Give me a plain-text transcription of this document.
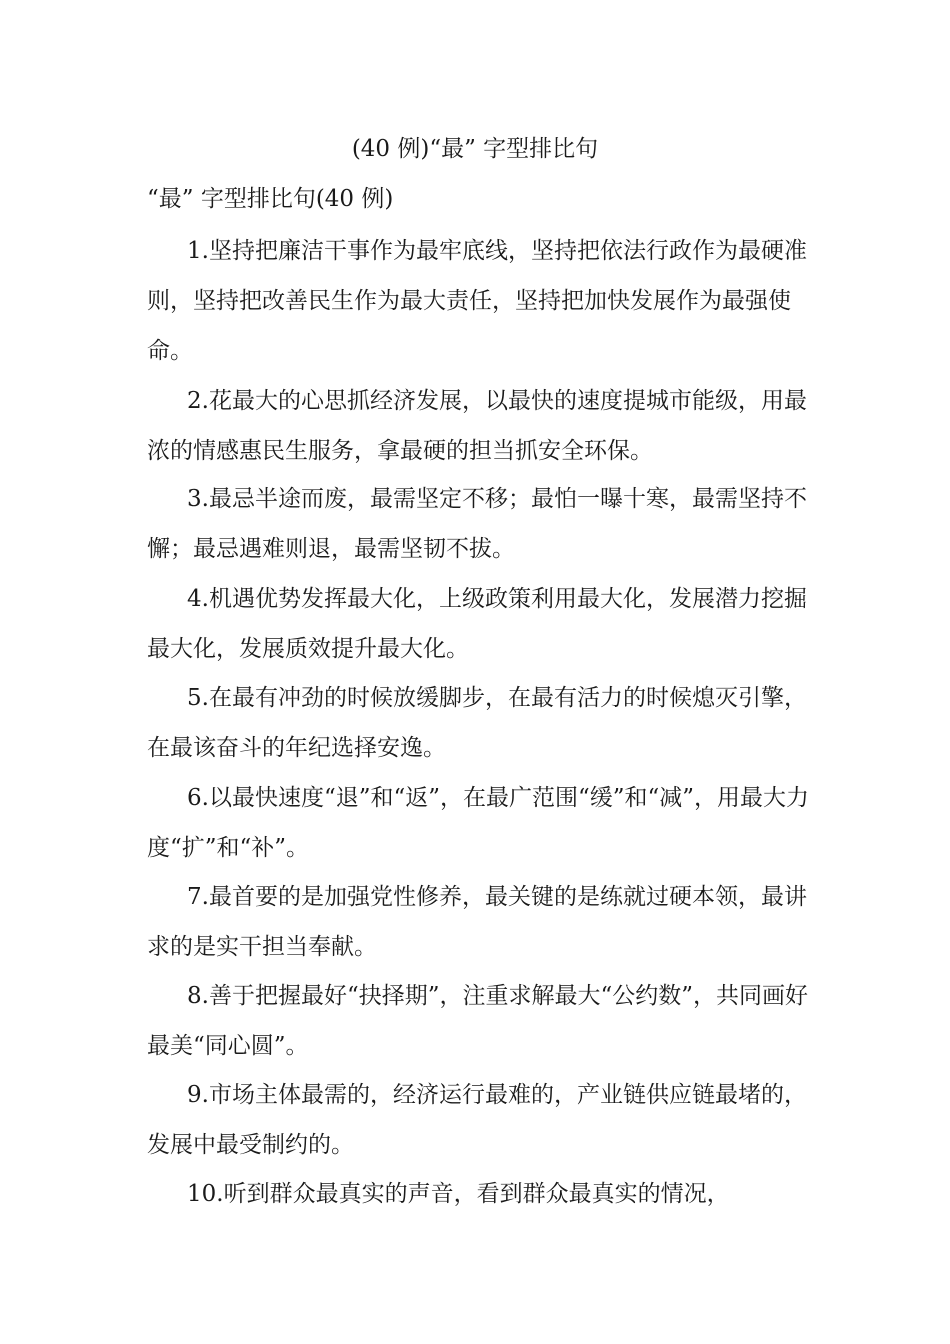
(40 例)“最” 字型排比句
“最” 字型排比句(40 例)

1.坚持把廉洁干事作为最牢底线，坚持把依法行政作为最硬准则，坚持把改善民生作为最大责任，坚持把加快发展作为最强使命。

2.花最大的心思抓经济发展，以最快的速度提城市能级，用最浓的情感惠民生服务，拿最硬的担当抓安全环保。

3.最忌半途而废，最需坚定不移；最怕一曝十寒，最需坚持不懈；最忌遇难则退，最需坚韧不拔。

4.机遇优势发挥最大化，上级政策利用最大化，发展潜力挖掘最大化，发展质效提升最大化。

5.在最有冲劲的时候放缓脚步，在最有活力的时候熄灭引擎，在最该奋斗的年纪选择安逸。

6.以最快速度“退”和“返”，在最广范围“缓”和“减”，用最大力度“扩”和“补”。

7.最首要的是加强党性修养，最关键的是练就过硬本领，最讲求的是实干担当奉献。

8.善于把握最好“抉择期”，注重求解最大“公约数”，共同画好最美“同心圆”。

9.市场主体最需的，经济运行最难的，产业链供应链最堵的，发展中最受制约的。

10.听到群众最真实的声音，看到群众最真实的情况，
